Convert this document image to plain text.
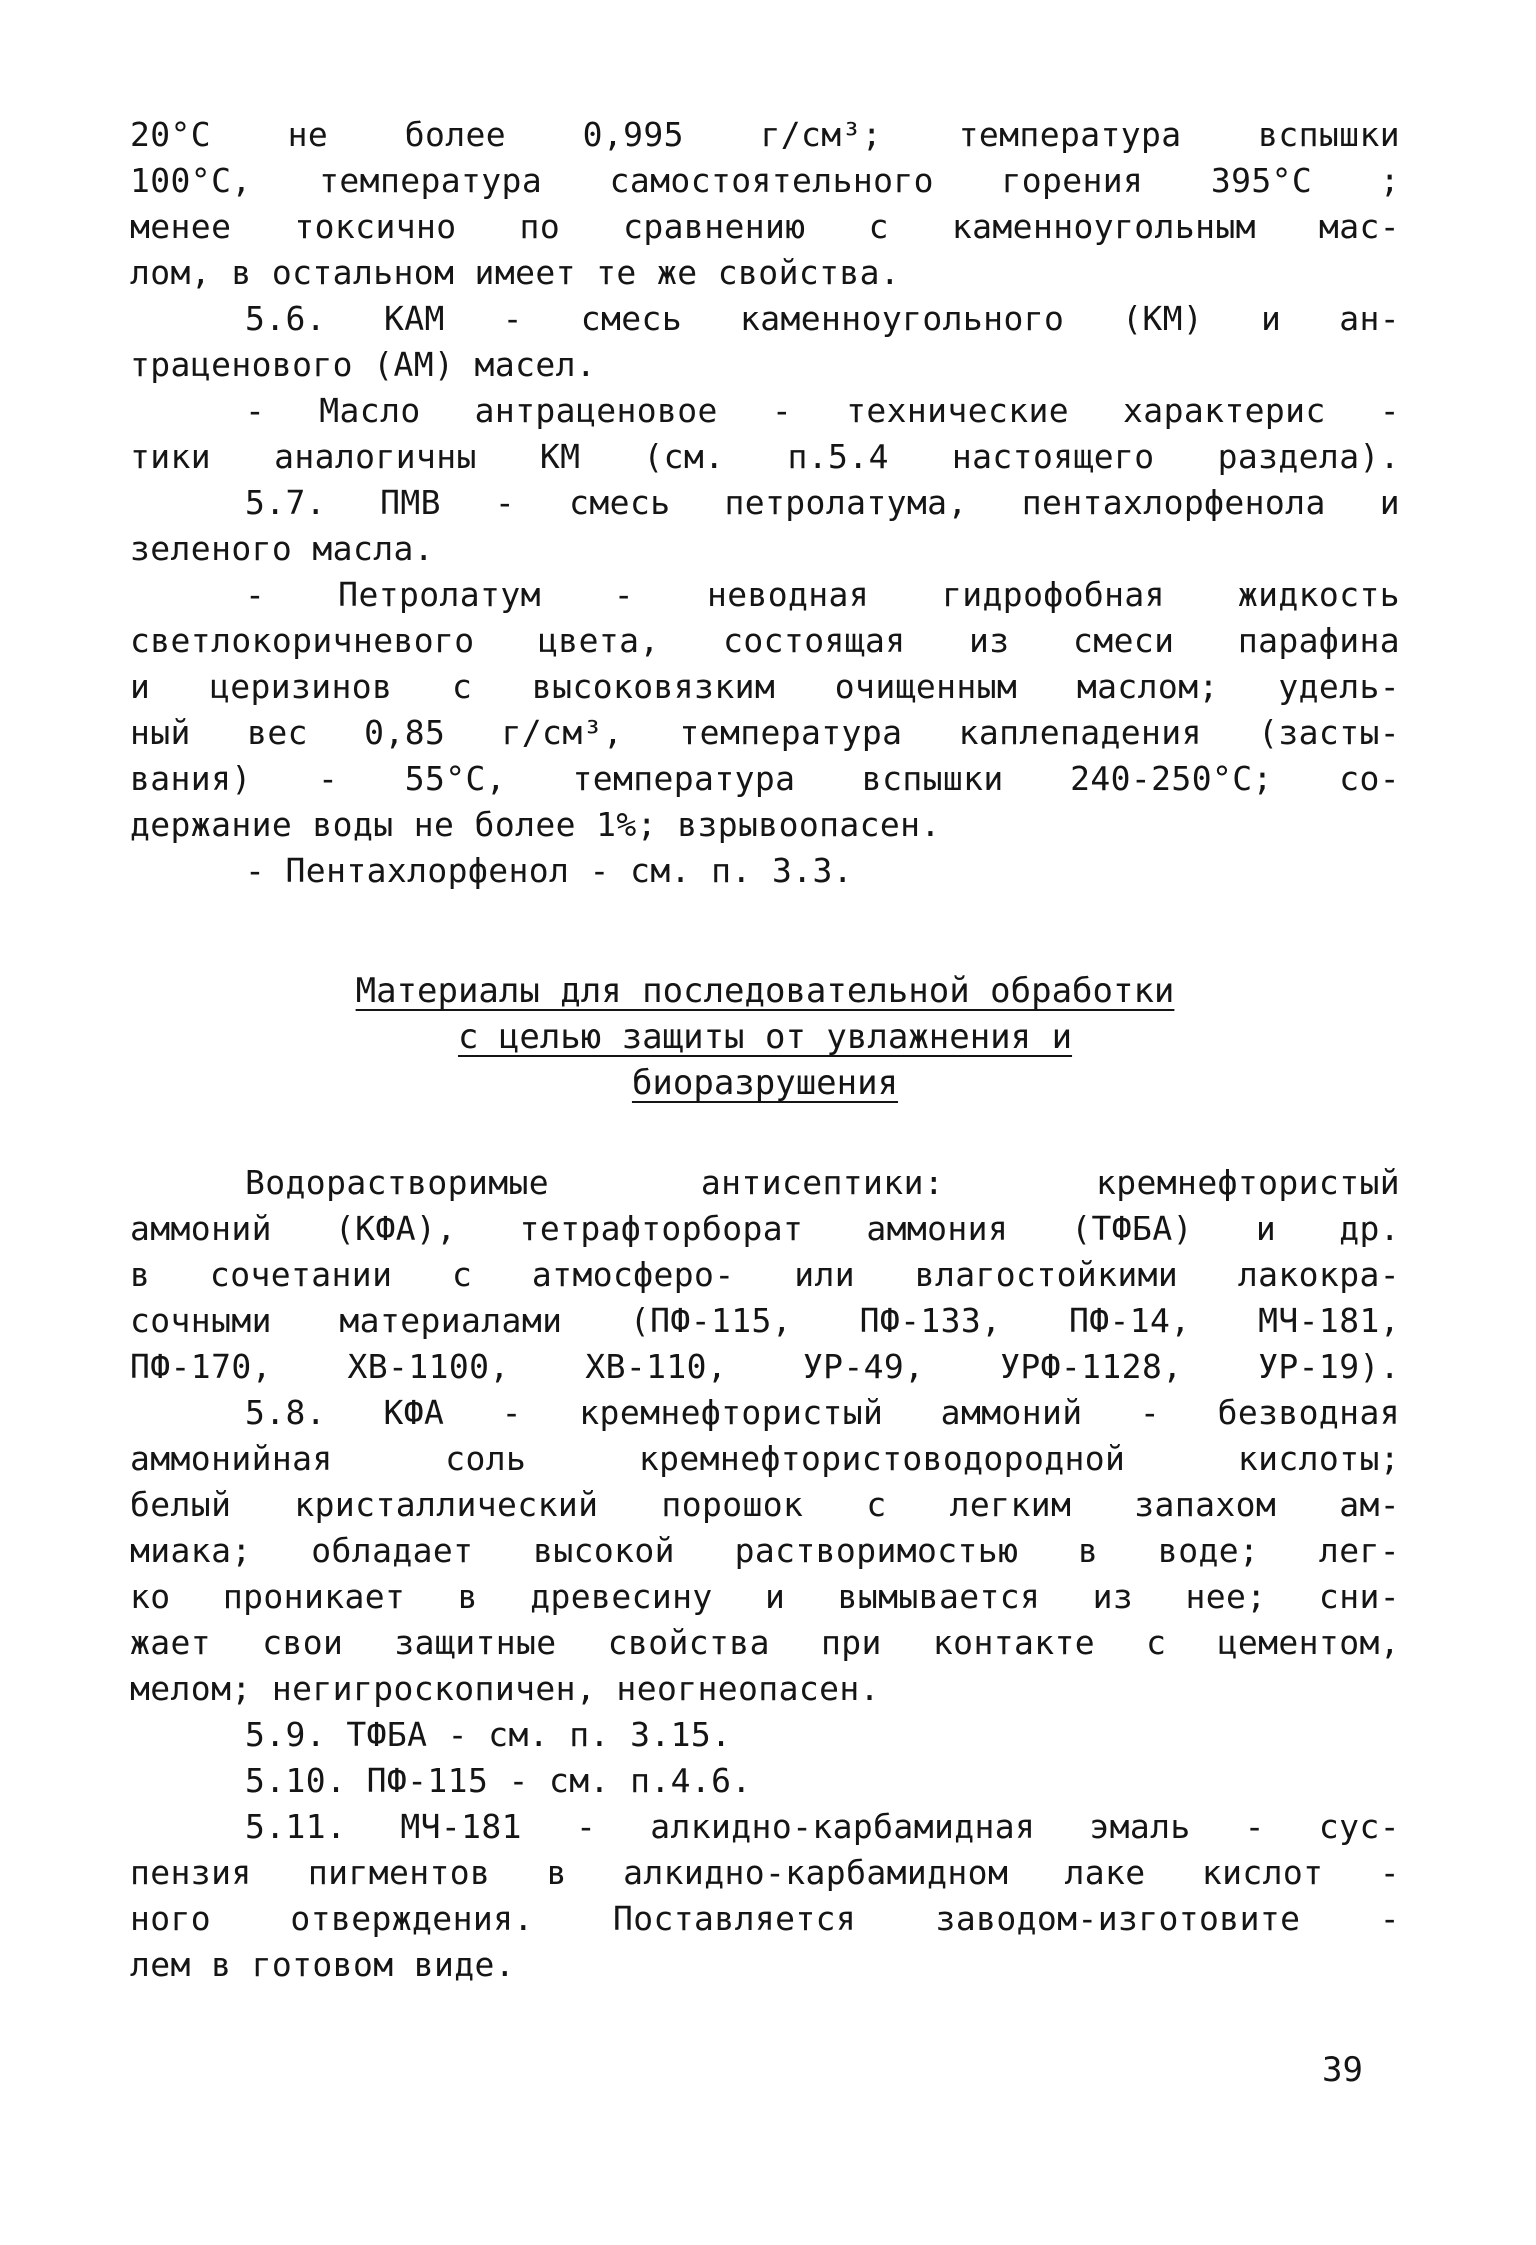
20°С не более 0,995 г/см³; температура вспышки
100°С, температура самостоятельного горения 395°С ;
менее токсично по сравнению с каменноугольным мас-
лом, в остальном имеет те же свойства.
5.6. КАМ - смесь каменноугольного (КМ) и ан-
траценового (АМ) масел.
- Масло антраценовое - технические характерис -
тики аналогичны КМ (см. п.5.4 настоящего раздела).
5.7. ПМВ - смесь петролатума, пентахлорфенола и
зеленого масла.
- Петролатум - неводная гидрофобная жидкость
светлокоричневого цвета, состоящая из смеси парафина
и церизинов с высоковязким очищенным маслом; удель-
ный вес 0,85 г/см³, температура каплепадения (засты-
вания) - 55°С, температура вспышки 240-250°С; со-
держание воды не более 1%; взрывоопасен.
- Пентахлорфенол - см. п. 3.3.
Материалы для последовательной обработки
с целью защиты от увлажнения и
биоразрушения
Водорастворимые антисептики: кремнефтористый
аммоний (КФА), тетрафторборат аммония (ТФБА) и др.
в сочетании с атмосферо- или влагостойкими лакокра-
сочными материалами (ПФ-115, ПФ-133, ПФ-14, МЧ-181,
ПФ-170, ХВ-1100, ХВ-110, УР-49, УРФ-1128, УР-19).
5.8. КФА - кремнефтористый аммоний - безводная
аммонийная соль кремнефтористоводородной кислоты;
белый кристаллический порошок с легким запахом ам-
миака; обладает высокой растворимостью в воде; лег-
ко проникает в древесину и вымывается из нее; сни-
жает свои защитные свойства при контакте с цементом,
мелом; негигроскопичен, неогнеопасен.
5.9. ТФБА - см. п. 3.15.
5.10. ПФ-115 - см. п.4.6.
5.11. МЧ-181 - алкидно-карбамидная эмаль - сус-
пензия пигментов в алкидно-карбамидном лаке кислот -
ного отверждения. Поставляется заводом-изготовите -
лем в готовом виде.
39
